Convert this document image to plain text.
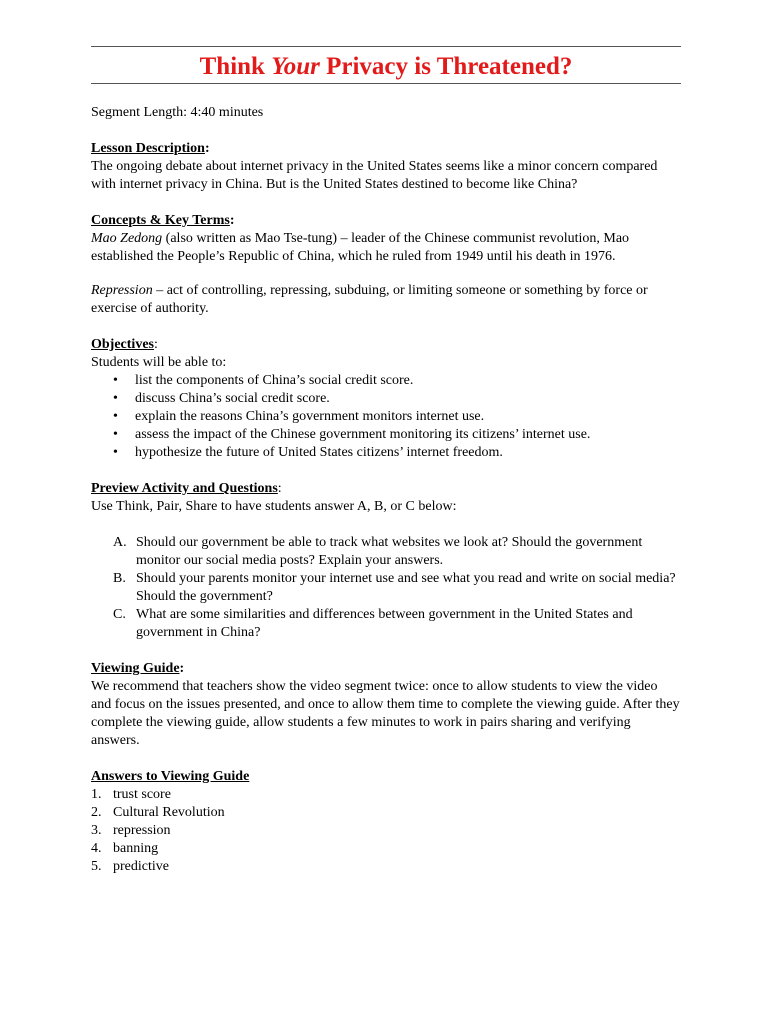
Think Your Privacy is Threatened?

Segment Length: 4:40 minutes

Lesson Description:

The ongoing debate about internet privacy in the United States seems like a minor concern compared with internet privacy in China. But is the United States destined to become like China?

Concepts & Key Terms:

Mao Zedong (also written as Mao Tse-tung) – leader of the Chinese communist revolution, Mao established the People’s Republic of China, which he ruled from 1949 until his death in 1976.

Repression – act of controlling, repressing, subduing, or limiting someone or something by force or exercise of authority.

Objectives:

Students will be able to:

• list the components of China’s social credit score.
• discuss China’s social credit score.
• explain the reasons China’s government monitors internet use.
• assess the impact of the Chinese government monitoring its citizens’ internet use.
• hypothesize the future of United States citizens’ internet freedom.

Preview Activity and Questions:

Use Think, Pair, Share to have students answer A, B, or C below:

A. Should our government be able to track what websites we look at? Should the government monitor our social media posts? Explain your answers.
B. Should your parents monitor your internet use and see what you read and write on social media? Should the government?
C. What are some similarities and differences between government in the United States and government in China?

Viewing Guide:

We recommend that teachers show the video segment twice: once to allow students to view the video and focus on the issues presented, and once to allow them time to complete the viewing guide. After they complete the viewing guide, allow students a few minutes to work in pairs sharing and verifying answers.

Answers to Viewing Guide

1. trust score
2. Cultural Revolution
3. repression
4. banning
5. predictive
